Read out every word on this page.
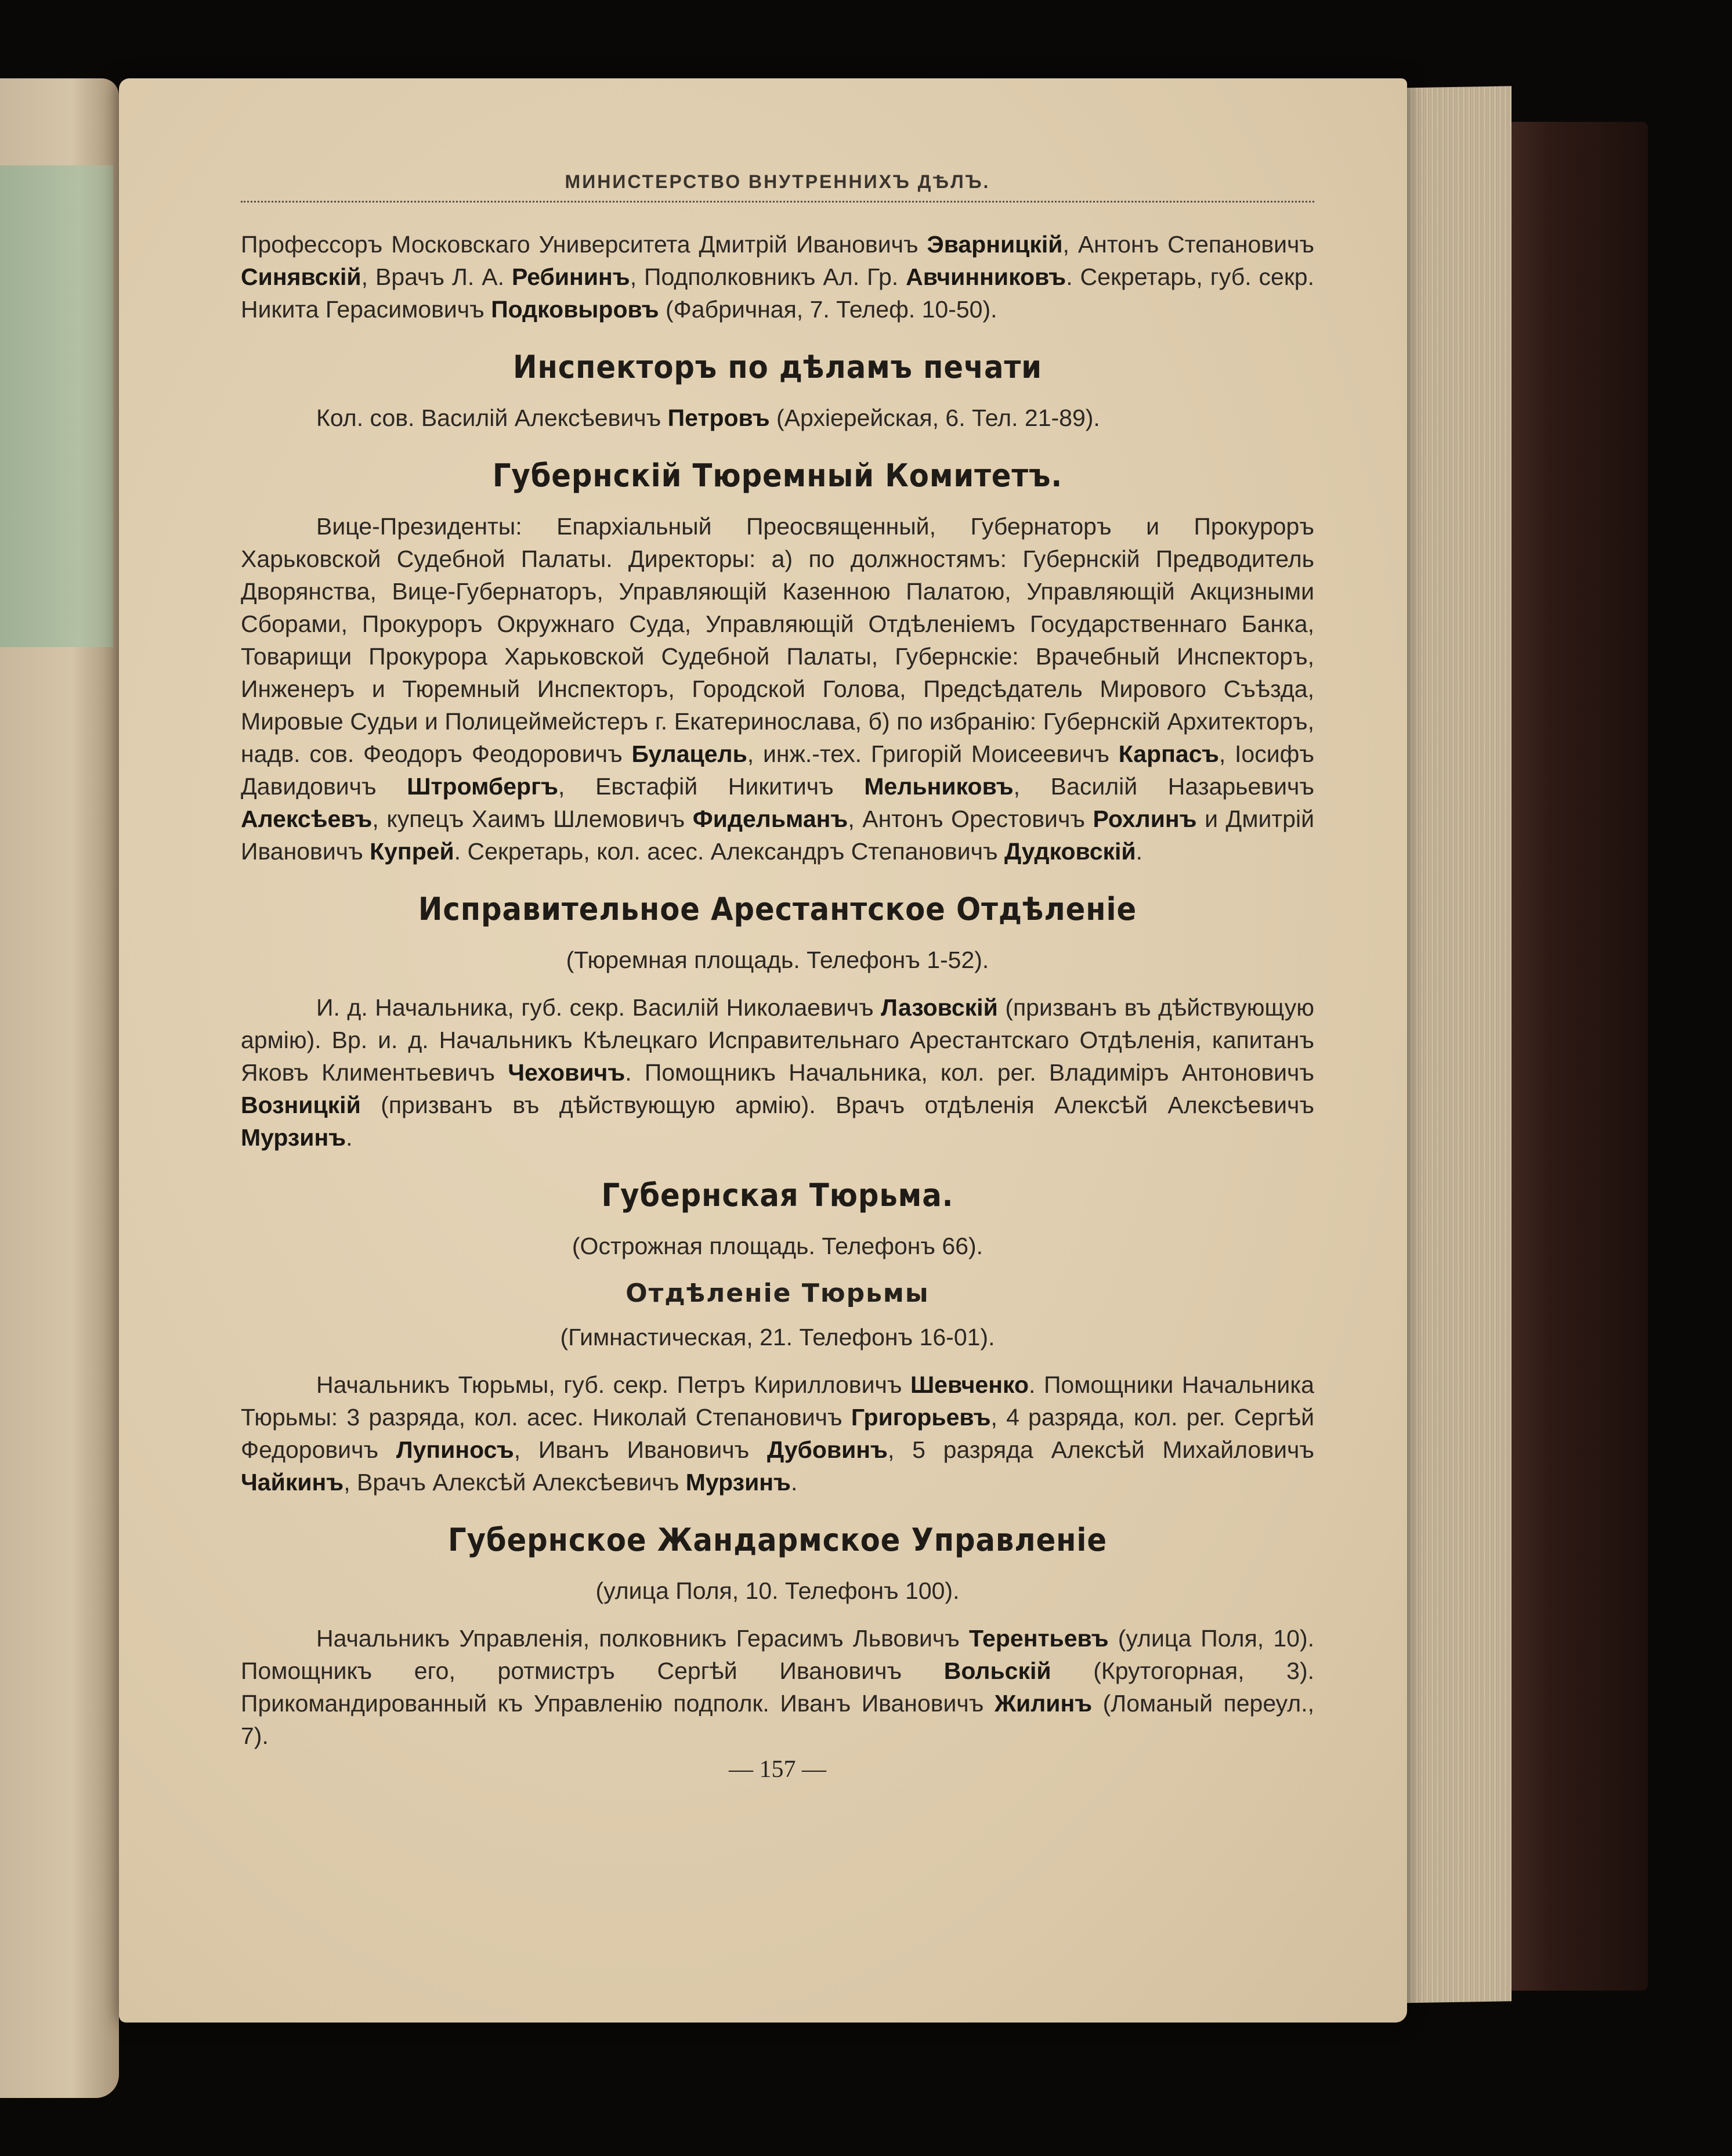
МИНИСТЕРСТВО ВНУТРЕННИХЪ ДѢЛЪ.

Профессоръ Московскаго Университета Дмитрій Ивановичъ Эварницкій, Антонъ Степановичъ Синявскій, Врачъ Л. А. Ребининъ, Подполковникъ Ал. Гр. Авчинниковъ. Секретарь, губ. секр. Никита Герасимовичъ Подковыровъ (Фабричная, 7. Телеф. 10-50).

Инспекторъ по дѣламъ печати

Кол. сов. Василій Алексѣевичъ Петровъ (Архіерейская, 6. Тел. 21-89).

Губернскій Тюремный Комитетъ.

Вице-Президенты: Епархіальный Преосвященный, Губернаторъ и Прокуроръ Харьковской Судебной Палаты. Директоры: а) по должностямъ: Губернскій Предводитель Дворянства, Вице-Губернаторъ, Управляющій Казенною Палатою, Управляющій Акцизными Сборами, Прокуроръ Окружнаго Суда, Управляющій Отдѣленіемъ Государственнаго Банка, Товарищи Прокурора Харьковской Судебной Палаты, Губернскіе: Врачебный Инспекторъ, Инженеръ и Тюремный Инспекторъ, Городской Голова, Предсѣдатель Мирового Съѣзда, Мировые Судьи и Полицеймейстеръ г. Екатеринослава, б) по избранію: Губернскій Архитекторъ, надв. сов. Феодоръ Феодоровичъ Булацель, инж.-тех. Григорій Моисеевичъ Карпасъ, Іосифъ Давидовичъ Штромбергъ, Евстафій Никитичъ Мельниковъ, Василій Назарьевичъ Алексѣевъ, купецъ Хаимъ Шлемовичъ Фидельманъ, Антонъ Орестовичъ Рохлинъ и Дмитрій Ивановичъ Купрей. Секретарь, кол. асес. Александръ Степановичъ Дудковскій.

Исправительное Арестантское Отдѣленіе
(Тюремная площадь. Телефонъ 1-52).

И. д. Начальника, губ. секр. Василій Николаевичъ Лазовскій (призванъ въ дѣйствующую армію). Вр. и. д. Начальникъ Кѣлецкаго Исправительнаго Арестантскаго Отдѣленія, капитанъ Яковъ Климентьевичъ Чеховичъ. Помощникъ Начальника, кол. рег. Владиміръ Антоновичъ Возницкій (призванъ въ дѣйствующую армію). Врачъ отдѣленія Алексѣй Алексѣевичъ Мурзинъ.

Губернская Тюрьма.
(Острожная площадь. Телефонъ 66).
Отдѣленіе Тюрьмы
(Гимнастическая, 21. Телефонъ 16-01).

Начальникъ Тюрьмы, губ. секр. Петръ Кирилловичъ Шевченко. Помощники Начальника Тюрьмы: 3 разряда, кол. асес. Николай Степановичъ Григорьевъ, 4 разряда, кол. рег. Сергѣй Федоровичъ Лупиносъ, Иванъ Ивановичъ Дубовинъ, 5 разряда Алексѣй Михайловичъ Чайкинъ, Врачъ Алексѣй Алексѣевичъ Мурзинъ.

Губернское Жандармское Управленіе
(улица Поля, 10. Телефонъ 100).

Начальникъ Управленія, полковникъ Герасимъ Львовичъ Терентьевъ (улица Поля, 10). Помощникъ его, ротмистръ Сергѣй Ивановичъ Вольскій (Крутогорная, 3). Прикомандированный къ Управленію подполк. Иванъ Ивановичъ Жилинъ (Ломаный переул., 7).

— 157 —
